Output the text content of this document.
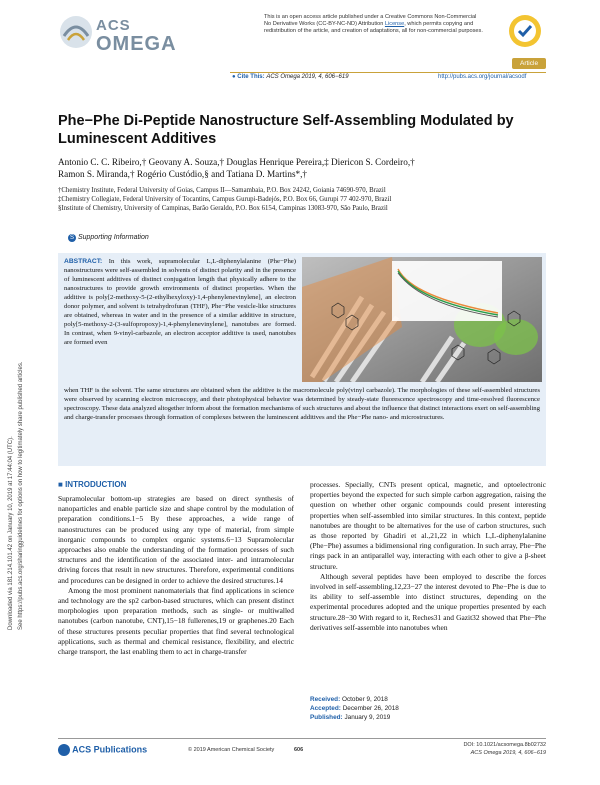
Downloaded via 181.214.101.42 on January 10, 2019 at 17:44:04 (UTC). See https://pubs.acs.org/sharingguidelines for options on how to legitimately share published articles.
ACS
OMEGA
This is an open access article published under a Creative Commons Non-Commercial No Derivative Works (CC-BY-NC-ND) Attribution License, which permits copying and redistribution of the article, and creation of adaptations, all for non-commercial purposes.
Article
● Cite This: ACS Omega 2019, 4, 606−619	http://pubs.acs.org/journal/acsodf
Phe−Phe Di-Peptide Nanostructure Self-Assembling Modulated by Luminescent Additives
Antonio C. C. Ribeiro,† Geovany A. Souza,† Douglas Henrique Pereira,‡ Diericon S. Cordeiro,†
Ramon S. Miranda,† Rogério Custódio,§ and Tatiana D. Martins*,†
†Chemistry Institute, Federal University of Goias, Campus II—Samambaia, P.O. Box 24242, Goiania 74690-970, Brazil
‡Chemistry Collegiate, Federal University of Tocantins, Campus Gurupi-Badejós, P.O. Box 66, Gurupi 77 402-970, Brazil
§Institute of Chemistry, University of Campinas, Barão Geraldo, P.O. Box 6154, Campinas 13083-970, São Paulo, Brazil
S Supporting Information
ABSTRACT: In this work, supramolecular L,L-diphenylalanine (Phe−Phe) nanostructures were self-assembled in solvents of distinct polarity and in the presence of luminescent additives of distinct conjugation length that physically adhere to the nanostructures to provide growth environments of distinct properties. When the additive is poly[2-methoxy-5-(2-ethylhexyloxy)-1,4-phenylenevinylene], an electron donor polymer, and solvent is tetrahydrofuran (THF), Phe−Phe vesicle-like structures are obtained, whereas in water and in the presence of a similar additive in structure, poly[5-methoxy-2-(3-sulfopropoxy)-1,4-phenylenevinylene], nanotubes are formed. In contrast, when 9-vinyl-carbazole, an electron acceptor additive is used, nanotubes are formed even
when THF is the solvent. The same structures are obtained when the additive is the macromolecule poly(vinyl carbazole). The morphologies of these self-assembled structures were observed by scanning electron microscopy, and their photophysical behavior was determined by steady-state fluorescence spectroscopy and time-resolved fluorescence spectroscopy. These data analyzed altogether inform about the formation mechanisms of such structures and about the influence that distinct interactions exert on self-assembling and charge-transfer processes through formation of complexes between the luminescent additives and the Phe−Phe nano- and microstructures.
■ INTRODUCTION
Supramolecular bottom-up strategies are based on direct synthesis of nanoparticles and enable particle size and shape control by the modulation of preparation conditions.1−5 By these approaches, a wide range of nanostructures can be produced using any type of material, from simple inorganic compounds to complex organic systems.6−13 Supramolecular approaches also enable the understanding of the formation processes of such structures and the identification of the associated inter- and intramolecular driving forces that result in new structures. Therefore, experimental conditions and procedures can be designed in order to achieve the desired structures.14
Among the most prominent nanomaterials that find applications in science and technology are the sp2 carbon-based structures, which can present distinct morphologies upon preparation methods, such as single- or multiwalled nanotubes (carbon nanotube, CNT),15−18 fullerenes,19 or graphenes.20 Each of these structures presents peculiar properties that find several technological applications, such as thermal and chemical resistance, flexibility, and electric charge transport, the last enabling them to act in charge-transfer
processes. Specially, CNTs present optical, magnetic, and optoelectronic properties beyond the expected for such simple carbon aggregation, raising the question on whether other organic compounds could present interesting properties when self-assembled into similar structures. In this context, peptide nanotubes are thought to be alternatives for the use of carbon structures, such as those reported by Ghadiri et al.,21,22 in which L,L-diphenylalanine (Phe−Phe) assumes a bidimensional ring configuration. In such array, Phe−Phe rings pack in an antiparallel way, interacting with each other to give a β-sheet structure.
Although several peptides have been employed to describe the forces involved in self-assembling,12,23−27 the interest devoted to Phe−Phe is due to its ability to self-assemble into distinct structures, depending on the experimental procedures adopted and the unique properties presented by each structure.28−30 With regard to it, Reches31 and Gazit32 showed that Phe−Phe derivatives self-assemble into nanotubes when
Received: October 9, 2018
Accepted: December 26, 2018
Published: January 9, 2019
ACS Publications	© 2019 American Chemical Society	606
DOI: 10.1021/acsomega.8b02732
ACS Omega 2019, 4, 606−619
